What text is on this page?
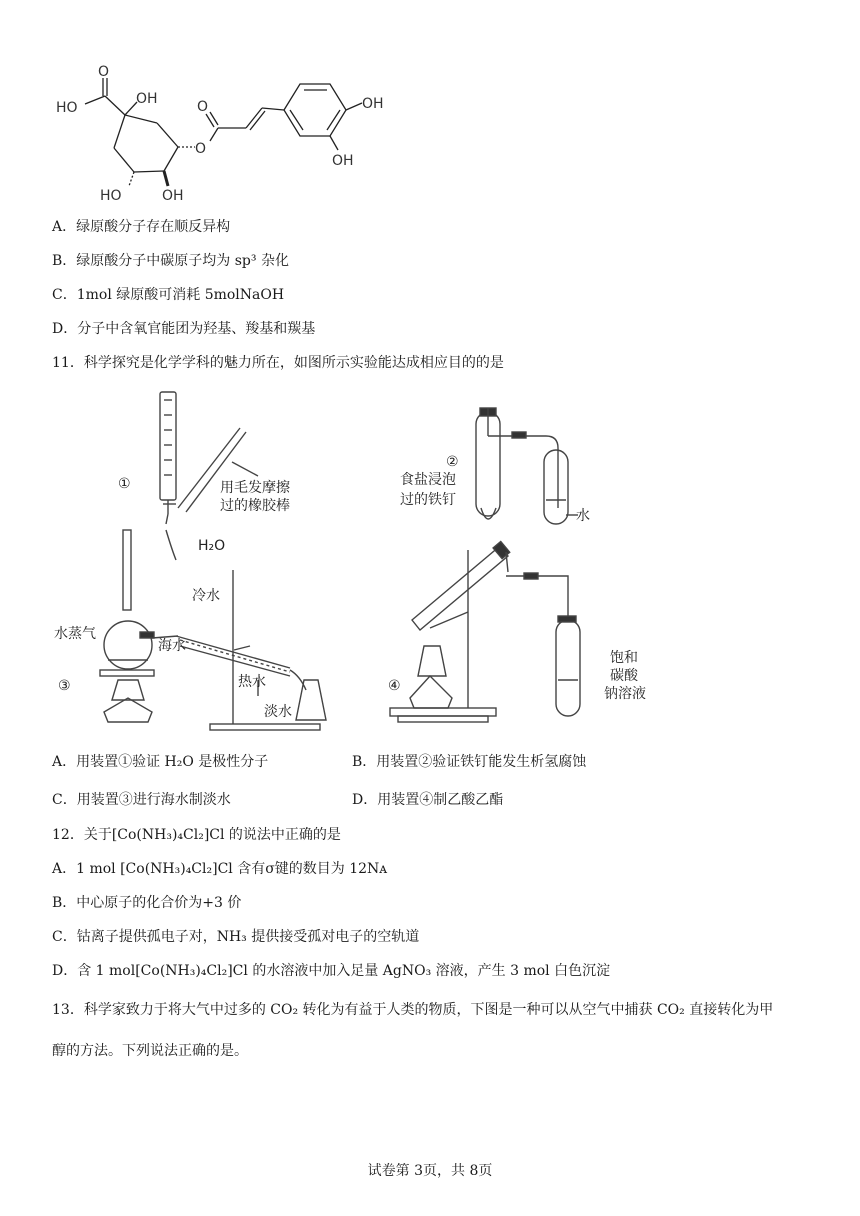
O
HO
OH	O
O
OH
OH
HO	OH
A．绿原酸分子存在顺反异构
B．绿原酸分子中碳原子均为 sp³ 杂化
C．1mol 绿原酸可消耗 5molNaOH
D．分子中含氧官能团为羟基、羧基和羰基
11．科学探究是化学学科的魅力所在，如图所示实验能达成相应目的的是
①	用毛发摩擦
过的橡胶棒
H₂O
②
食盐浸泡
过的铁钉
水
③
水蒸气
冷水
海水
热水
淡水
④
饱和
碳酸
钠溶液
A．用装置①验证 H₂O 是极性分子	B．用装置②验证铁钉能发生析氢腐蚀
C．用装置③进行海水制淡水	D．用装置④制乙酸乙酯
12．关于[Co(NH₃)₄Cl₂]Cl 的说法中正确的是
A．1 mol [Co(NH₃)₄Cl₂]Cl 含有σ键的数目为 12Nᴀ
B．中心原子的化合价为+3 价
C．钴离子提供孤电子对，NH₃ 提供接受孤对电子的空轨道
D．含 1 mol[Co(NH₃)₄Cl₂]Cl 的水溶液中加入足量 AgNO₃ 溶液，产生 3 mol 白色沉淀
13．科学家致力于将大气中过多的 CO₂ 转化为有益于人类的物质，下图是一种可以从空气中捕获 CO₂ 直接转化为甲
醇的方法。下列说法正确的是。
试卷第 3页，共 8页
